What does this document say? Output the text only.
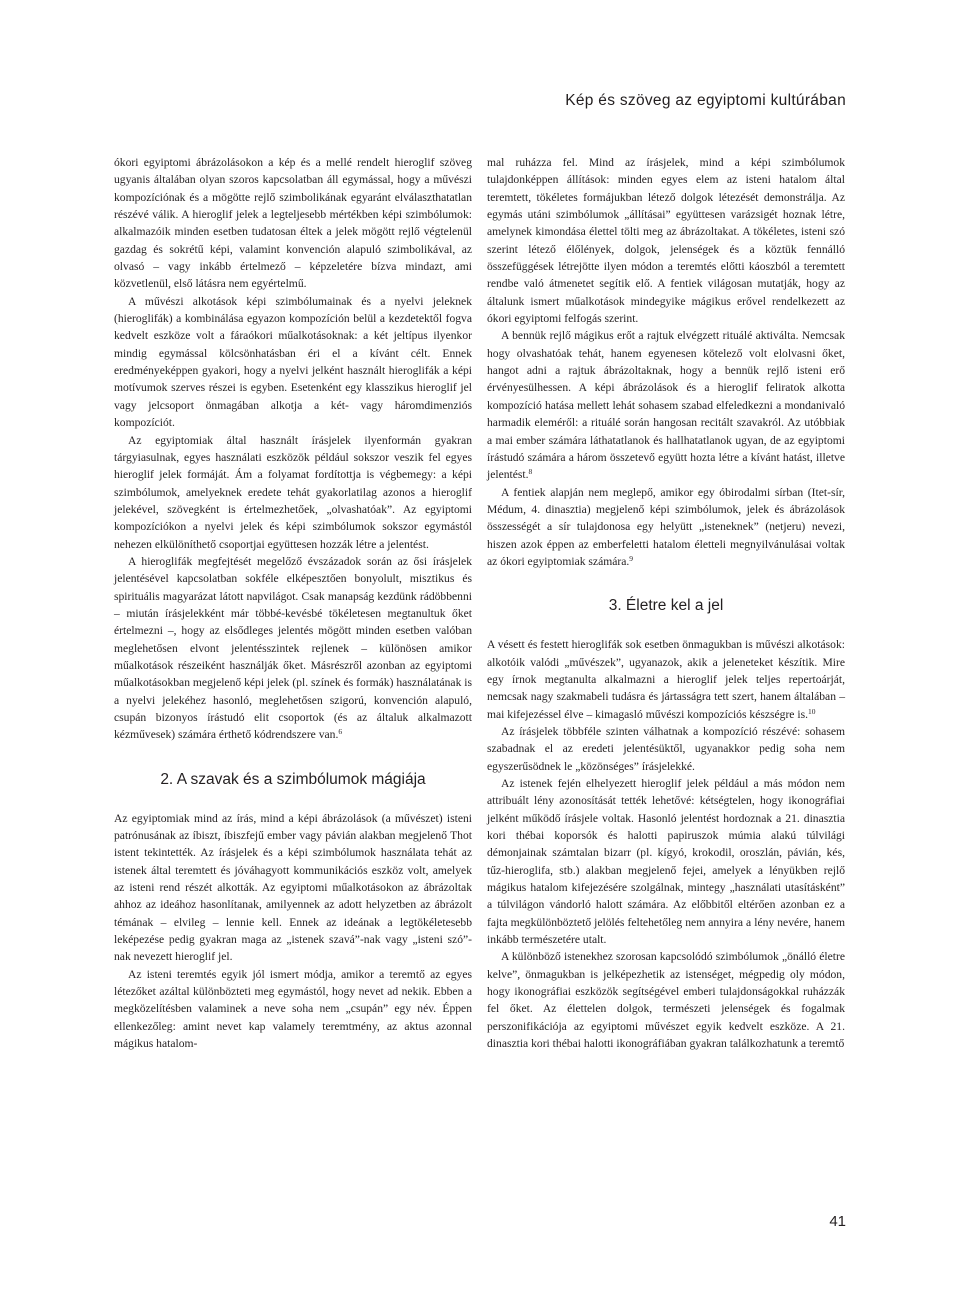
Kép és szöveg az egyiptomi kultúrában

ókori egyiptomi ábrázolásokon a kép és a mellé rendelt hieroglif szöveg ugyanis általában olyan szoros kapcsolatban áll egymással, hogy a művészi kompozíciónak és a mögötte rejlő szimbolikának egyaránt elválaszthatatlan részévé válik. A hieroglif jelek a legteljesebb mértékben képi szimbólumok: alkalmazóik minden esetben tudatosan éltek a jelek mögött rejlő végtelenül gazdag és sokrétű képi, valamint konvención alapuló szimbolikával, az olvasó – vagy inkább értelmező – képzeletére bízva mindazt, ami közvetlenül, első látásra nem egyértelmű.

A művészi alkotások képi szimbólumainak és a nyelvi jeleknek (hieroglifák) a kombinálása egyazon kompozíción belül a kezdetektől fogva kedvelt eszköze volt a fáraókori műalkotásoknak: a két jeltípus ilyenkor mindig egymással kölcsönhatásban éri el a kívánt célt. Ennek eredményeképpen gyakori, hogy a nyelvi jelként használt hieroglifák a képi motívumok szerves részei is egyben. Esetenként egy klasszikus hieroglif jel vagy jelcsoport önmagában alkotja a két- vagy háromdimenziós kompozíciót.

Az egyiptomiak által használt írásjelek ilyenformán gyakran tárgyiasulnak, egyes használati eszközök például sokszor veszik fel egyes hieroglif jelek formáját. Ám a folyamat fordítottja is végbemegy: a képi szimbólumok, amelyeknek eredete tehát gyakorlatilag azonos a hieroglif jelekével, szövegként is értelmezhetőek, „olvashatóak”. Az egyiptomi kompozíciókon a nyelvi jelek és képi szimbólumok sokszor egymástól nehezen elkülöníthető csoportjai együttesen hozzák létre a jelentést.

A hieroglifák megfejtését megelőző évszázadok során az ősi írásjelek jelentésével kapcsolatban sokféle elképesztően bonyolult, misztikus és spirituális magyarázat látott napvilágot. Csak manapság kezdünk rádöbbenni – miután írásjelekként már többé-kevésbé tökéletesen megtanultuk őket értelmezni –, hogy az elsődleges jelentés mögött minden esetben valóban meglehetősen elvont jelentésszintek rejlenek – különösen amikor műalkotások részeiként használják őket. Másrészről azonban az egyiptomi műalkotásokban megjelenő képi jelek (pl. színek és formák) használatának is a nyelvi jelekéhez hasonló, meglehetősen szigorú, konvención alapuló, csupán bizonyos írástudó elit csoportok (és az általuk alkalmazott kézművesek) számára érthető kódrendszere van.$^6$

2. A szavak és a szimbólumok mágiája

Az egyiptomiak mind az írás, mind a képi ábrázolások (a művészet) isteni patrónusának az íbiszt, íbiszfejű ember vagy pávián alakban megjelenő Thot istent tekintették. Az írásjelek és a képi szimbólumok használata tehát az istenek által teremtett és jóváhagyott kommunikációs eszköz volt, amelyek az isteni rend részét alkották. Az egyiptomi műalkotásokon az ábrázoltak ahhoz az ideához hasonlítanak, amilyennek az adott helyzetben az ábrázolt témának – elvileg – lennie kell. Ennek az ideának a legtökéletesebb leképezése pedig gyakran maga az „istenek szavá”-nak vagy „isteni szó”-nak nevezett hieroglif jel.

Az isteni teremtés egyik jól ismert módja, amikor a teremtő az egyes létezőket azáltal különbözteti meg egymástól, hogy nevet ad nekik. Ebben a megközelítésben valaminek a neve soha nem „csupán” egy név. Éppen ellenkezőleg: amint nevet kap valamely teremtmény, az aktus azonnal mágikus hatalom-

mal ruházza fel. Mind az írásjelek, mind a képi szimbólumok tulajdonképpen állítások: minden egyes elem az isteni hatalom által teremtett, tökéletes formájukban létező dolgok létezését demonstrálja. Az egymás utáni szimbólumok „állításai” együttesen varázsigét hoznak létre, amelynek kimondása élettel tölti meg az ábrázoltakat. A tökéletes, isteni szó szerint létező élőlények, dolgok, jelenségek és a köztük fennálló összefüggések létrejötte ilyen módon a teremtés előtti káoszból a teremtett rendbe való átmenetet segítik elő. A fentiek világosan mutatják, hogy az általunk ismert műalkotások mindegyike mágikus erővel rendelkezett az ókori egyiptomi felfogás szerint.

A bennük rejlő mágikus erőt a rajtuk elvégzett rituálé aktiválta. Nemcsak hogy olvashatóak tehát, hanem egyenesen kötelező volt elolvasni őket, hangot adni a rajtuk ábrázoltaknak, hogy a bennük rejlő isteni erő érvényesülhessen. A képi ábrázolások és a hieroglif feliratok alkotta kompozíció hatása mellett lehát sohasem szabad elfeledkezni a mondanivaló harmadik eleméről: a rituálé során hangosan recitált szavakról. Az utóbbiak a mai ember számára láthatatlanok és hallhatatlanok ugyan, de az egyiptomi írástudó számára a három összetevő együtt hozta létre a kívánt hatást, illetve jelentést.$^8$

A fentiek alapján nem meglepő, amikor egy óbirodalmi sírban (Itet-sír, Médum, 4. dinasztia) megjelenő képi szimbólumok, jelek és ábrázolások összességét a sír tulajdonosa egy helyütt „isteneknek” (netjeru) nevezi, hiszen azok éppen az emberfeletti hatalom életteli megnyilvánulásai voltak az ókori egyiptomiak számára.$^9$

3. Életre kel a jel

A vésett és festett hieroglifák sok esetben önmagukban is művészi alkotások: alkotóik valódi „művészek”, ugyanazok, akik a jeleneteket készítik. Mire egy írnok megtanulta alkalmazni a hieroglif jelek teljes repertoárját, nemcsak nagy szakmabeli tudásra és jártasságra tett szert, hanem általában – mai kifejezéssel élve – kimagasló művészi kompozíciós készségre is.$^{10}$

Az írásjelek többféle szinten válhatnak a kompozíció részévé: sohasem szabadnak el az eredeti jelentésüktől, ugyanakkor pedig soha nem egyszerűsödnek le „közönséges” írásjelekké.

Az istenek fején elhelyezett hieroglif jelek például a más módon nem attribuált lény azonosítását tették lehetővé: kétségtelen, hogy ikonográfiai jelként működő írásjele voltak. Hasonló jelentést hordoznak a 21. dinasztia kori thébai koporsók és halotti papiruszok múmia alakú túlvilági démonjainak számtalan bizarr (pl. kígyó, krokodil, oroszlán, pávián, kés, tűz-hieroglifa, stb.) alakban megjelenő fejei, amelyek a lényükben rejlő mágikus hatalom kifejezésére szolgálnak, mintegy „használati utasításként” a túlvilágon vándorló halott számára. Az előbbitől eltérően azonban ez a fajta megkülönböztető jelölés feltehetőleg nem annyira a lény nevére, hanem inkább természetére utalt.

A különböző istenekhez szorosan kapcsolódó szimbólumok „önálló életre kelve”, önmagukban is jelképezhetik az istenséget, mégpedig oly módon, hogy ikonográfiai eszközök segítségével emberi tulajdonságokkal ruházzák fel őket. Az élettelen dolgok, természeti jelenségek és fogalmak perszonifikációja az egyiptomi művészet egyik kedvelt eszköze. A 21. dinasztia kori thébai halotti ikonográfiában gyakran találkozhatunk a teremtő

41
